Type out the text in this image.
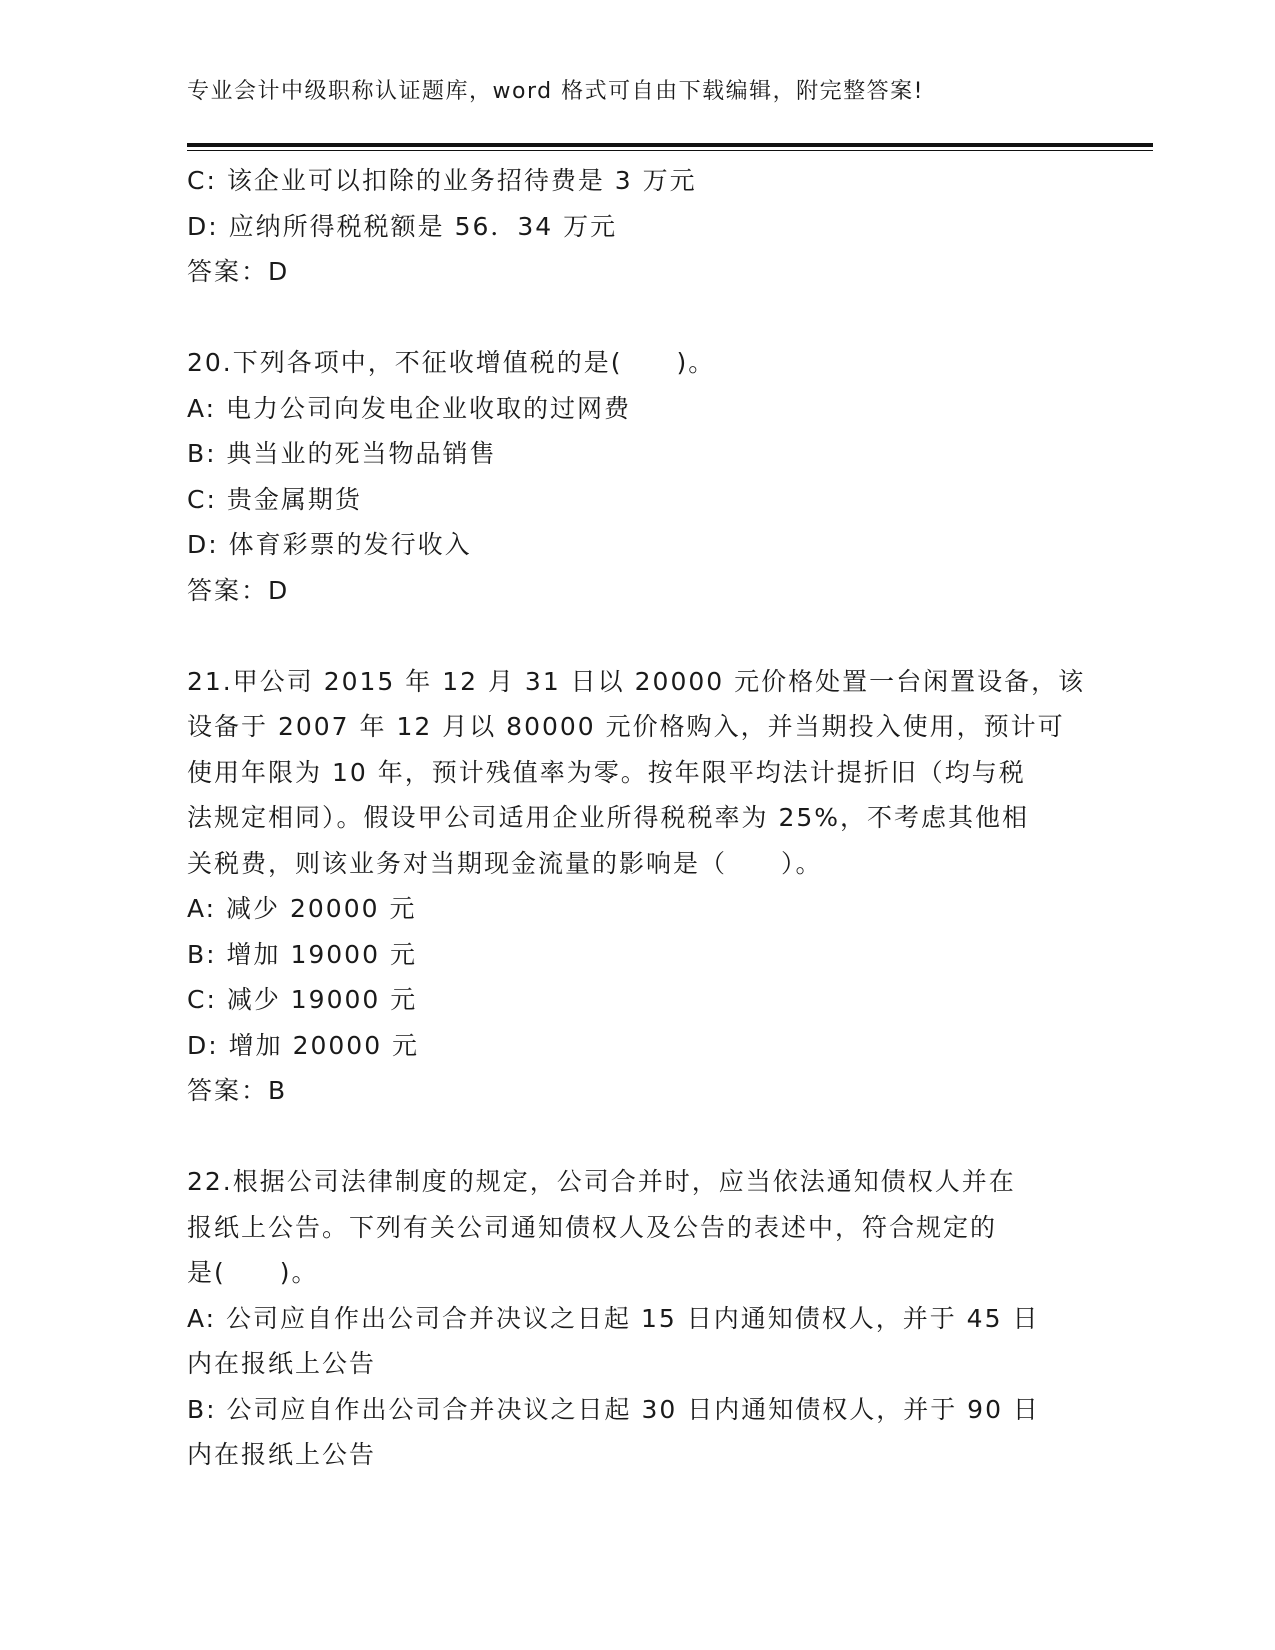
专业会计中级职称认证题库，word 格式可自由下载编辑，附完整答案!
C: 该企业可以扣除的业务招待费是 3 万元
D: 应纳所得税税额是 56．34 万元
答案：D
20.下列各项中，不征收增值税的是(　　)。
A: 电力公司向发电企业收取的过网费
B: 典当业的死当物品销售
C: 贵金属期货
D: 体育彩票的发行收入
答案：D
21.甲公司 2015 年 12 月 31 日以 20000 元价格处置一台闲置设备，该
设备于 2007 年 12 月以 80000 元价格购入，并当期投入使用，预计可
使用年限为 10 年，预计残值率为零。按年限平均法计提折旧（均与税
法规定相同）。假设甲公司适用企业所得税税率为 25%，不考虑其他相
关税费，则该业务对当期现金流量的影响是（　　）。
A: 减少 20000 元
B: 增加 19000 元
C: 减少 19000 元
D: 增加 20000 元
答案：B
22.根据公司法律制度的规定，公司合并时，应当依法通知债权人并在
报纸上公告。下列有关公司通知债权人及公告的表述中，符合规定的
是(　　)。
A: 公司应自作出公司合并决议之日起 15 日内通知债权人，并于 45 日
内在报纸上公告
B: 公司应自作出公司合并决议之日起 30 日内通知债权人，并于 90 日
内在报纸上公告
